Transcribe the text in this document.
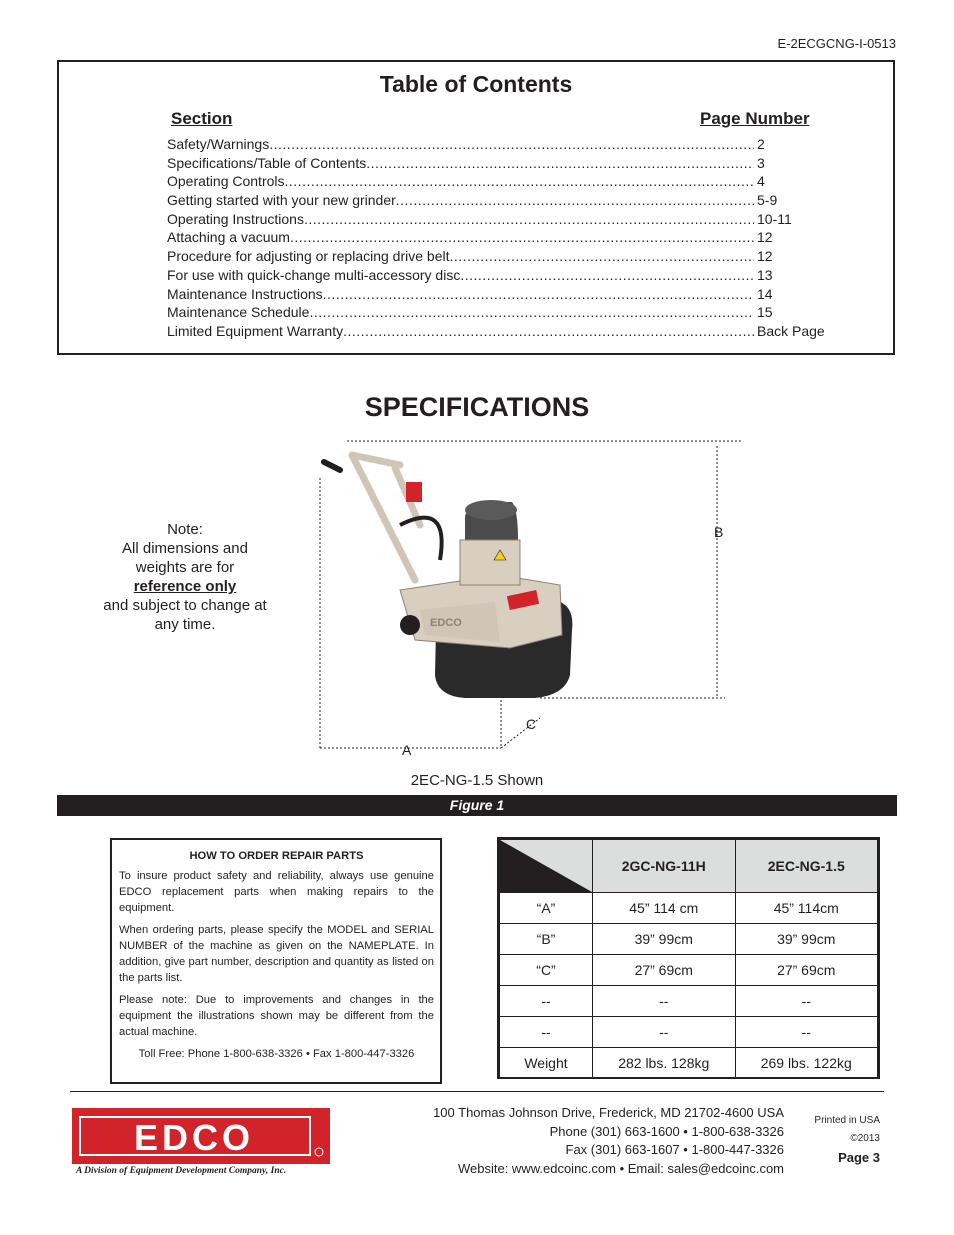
E-2ECGCNG-I-0513
Table of Contents
Section	Page Number
Safety/Warnings .....	2
Specifications/Table of Contents .....	3
Operating Controls .....	4
Getting started with your new grinder .....	5-9
Operating Instructions .....	10-11
Attaching a vacuum .....	12
Procedure for adjusting or replacing drive belt .....	12
For use with quick-change multi-accessory disc .....	13
Maintenance Instructions .....	14
Maintenance Schedule .....	15
Limited Equipment Warranty .....	Back Page
SPECIFICATIONS
Note:
All dimensions and
weights are for
reference only
and subject to change at
any time.	EDCO
B
C
A
2EC-NG-1.5 Shown
Figure 1
HOW TO ORDER REPAIR PARTS

To insure product safety and reliability, always use genuine EDCO replacement parts when making repairs to the equipment.

When ordering parts, please specify the MODEL and SERIAL NUMBER of the machine as given on the NAMEPLATE. In addition, give part number, description and quantity as listed on the parts list.

Please note: Due to improvements and changes in the equipment the illustrations shown may be different from the actual machine.

Toll Free: Phone 1-800-638-3326 • Fax 1-800-447-3326
	2GC-NG-11H	2EC-NG-1.5
“A”	45” 114 cm	45” 114cm
“B”	39” 99cm	39” 99cm
“C”	27” 69cm	27” 69cm
--	--	--
--	--	--
Weight	282 lbs. 128kg	269 lbs. 122kg
EDCO
A Division of Equipment Development Company, Inc.
100 Thomas Johnson Drive, Frederick, MD 21702-4600 USA
Phone (301) 663-1600 • 1-800-638-3326
Fax (301) 663-1607 • 1-800-447-3326
Website: www.edcoinc.com • Email: sales@edcoinc.com
Printed in USA
©2013
Page 3
